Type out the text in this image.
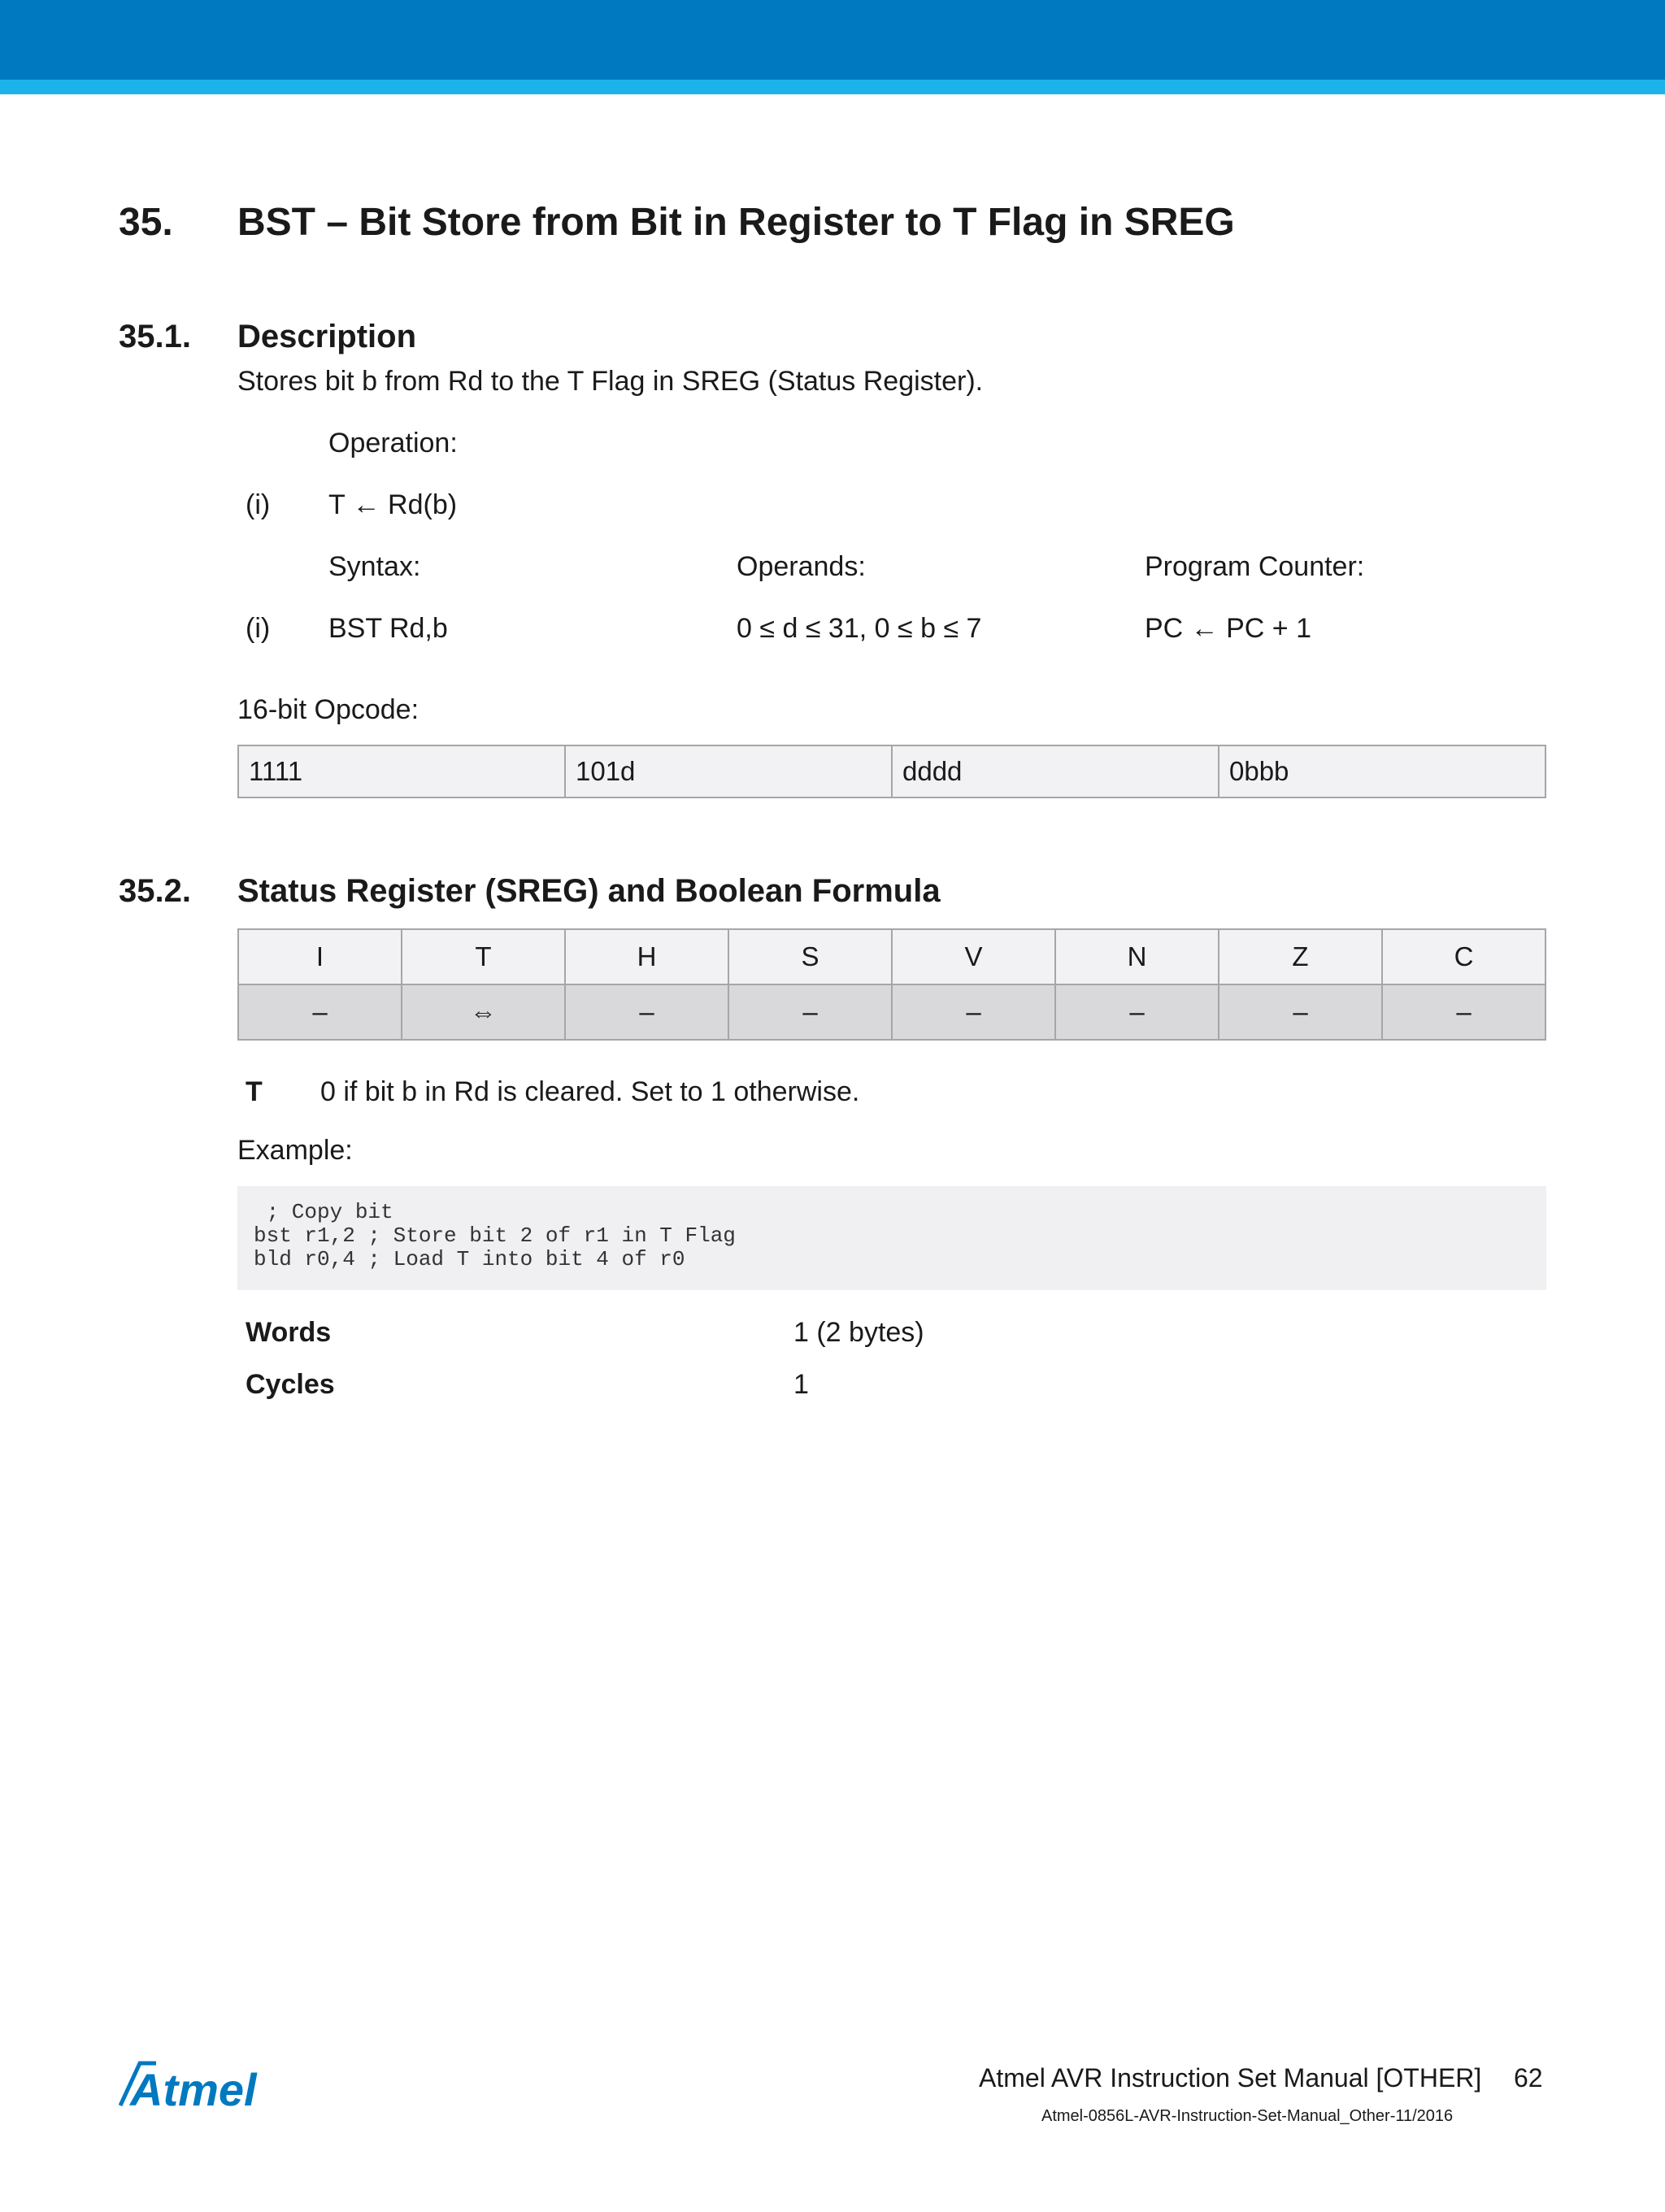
35. BST – Bit Store from Bit in Register to T Flag in SREG
35.1. Description
Stores bit b from Rd to the T Flag in SREG (Status Register).
Operation:
(i) T ← Rd(b)
Syntax:	Operands:	Program Counter:
(i) BST Rd,b	0 ≤ d ≤ 31, 0 ≤ b ≤ 7	PC ← PC + 1
16-bit Opcode:
1111	101d	dddd	0bbb
35.2. Status Register (SREG) and Boolean Formula
I	T	H	S	V	N	Z	C
–	⇔	–	–	–	–	–	–
T 0 if bit b in Rd is cleared. Set to 1 otherwise.
Example:
; Copy bit
bst r1,2 ; Store bit 2 of r1 in T Flag
bld r0,4 ; Load T into bit 4 of r0
Words	1 (2 bytes)
Cycles	1
Atmel	Atmel AVR Instruction Set Manual [OTHER] 62
Atmel-0856L-AVR-Instruction-Set-Manual_Other-11/2016
